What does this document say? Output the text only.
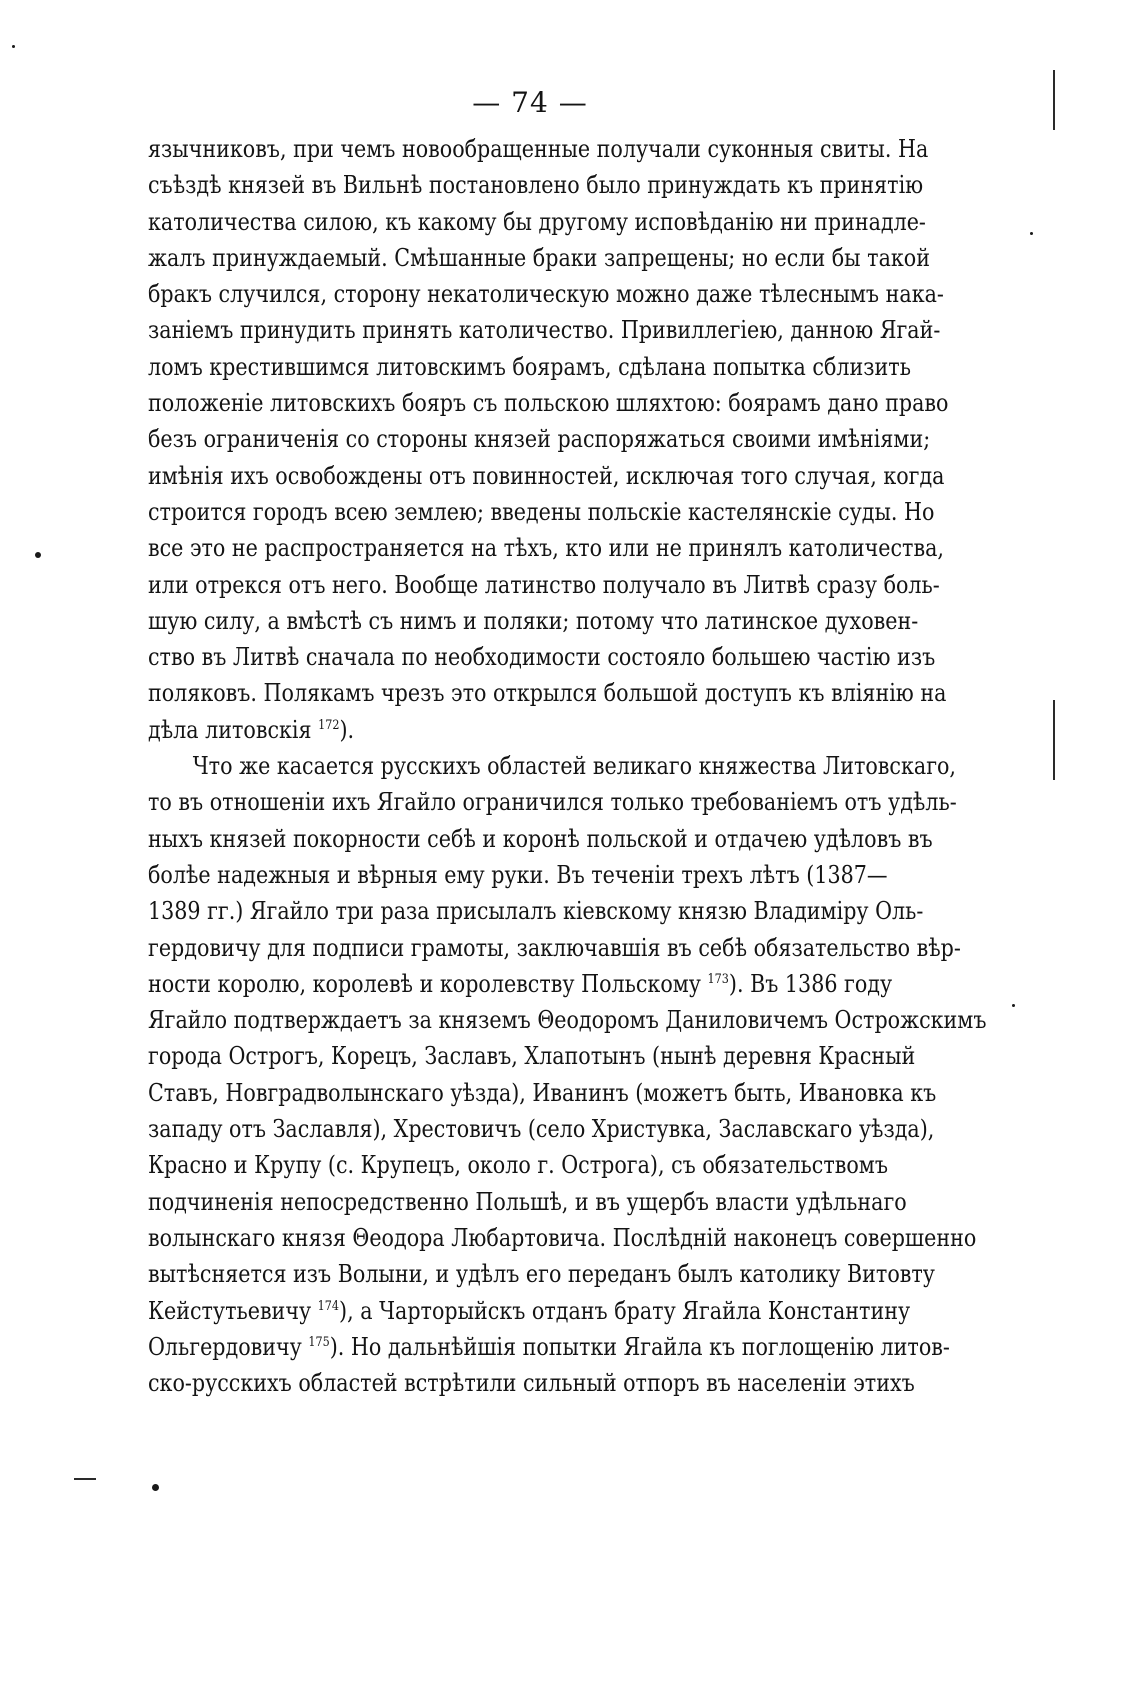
— 74 —
язычниковъ, при чемъ новообращенные получали суконныя свиты. На
съѣздѣ князей въ Вильнѣ постановлено было принуждать къ принятію
католичества силою, къ какому бы другому исповѣданію ни принадле-
жалъ принуждаемый. Смѣшанные браки запрещены; но если бы такой
бракъ случился, сторону некатолическую можно даже тѣлеснымъ нака-
заніемъ принудить принять католичество. Привиллегіею, данною Ягай-
ломъ крестившимся литовскимъ боярамъ, сдѣлана попытка сблизить
положеніе литовскихъ бояръ съ польскою шляхтою: боярамъ дано право
безъ ограниченія со стороны князей распоряжаться своими имѣніями;
имѣнія ихъ освобождены отъ повинностей, исключая того случая, когда
строится городъ всею землею; введены польскіе кастелянскіе суды. Но
все это не распространяется на тѣхъ, кто или не принялъ католичества,
или отрекся отъ него. Вообще латинство получало въ Литвѣ сразу боль-
шую силу, а вмѣстѣ съ нимъ и поляки; потому что латинское духовен-
ство въ Литвѣ сначала по необходимости состояло большею частію изъ
поляковъ. Полякамъ чрезъ это открылся большой доступъ къ вліянію на
дѣла литовскія $^{172}$).
Что же касается русскихъ областей великаго княжества Литовскаго,
то въ отношеніи ихъ Ягайло ограничился только требованіемъ отъ удѣль-
ныхъ князей покорности себѣ и коронѣ польской и отдачею удѣловъ въ
болѣе надежныя и вѣрныя ему руки. Въ теченіи трехъ лѣтъ (1387—
1389 гг.) Ягайло три раза присылалъ кіевскому князю Владиміру Оль-
гердовичу для подписи грамоты, заключавшія въ себѣ обязательство вѣр-
ности королю, королевѣ и королевству Польскому $^{173}$). Въ 1386 году
Ягайло подтверждаетъ за княземъ Θеодоромъ Даниловичемъ Острожскимъ
города Острогъ, Корецъ, Заславъ, Хлапотынъ (нынѣ деревня Красный
Ставъ, Новградволынскаго уѣзда), Иванинъ (можетъ быть, Ивановка къ
западу отъ Заславля), Хрестовичъ (село Христувка, Заславскаго уѣзда),
Красно и Крупу (с. Крупецъ, около г. Острога), съ обязательствомъ
подчиненія непосредственно Польшѣ, и въ ущербъ власти удѣльнаго
волынскаго князя Θеодора Любартовича. Послѣдній наконецъ совершенно
вытѣсняется изъ Волыни, и удѣлъ его переданъ былъ католику Витовту
Кейстутьевичу $^{174}$), а Чарторыйскъ отданъ брату Ягайла Константину
Ольгердовичу $^{175}$). Но дальнѣйшія попытки Ягайла къ поглощенію литов-
ско-русскихъ областей встрѣтили сильный отпоръ въ населеніи этихъ
